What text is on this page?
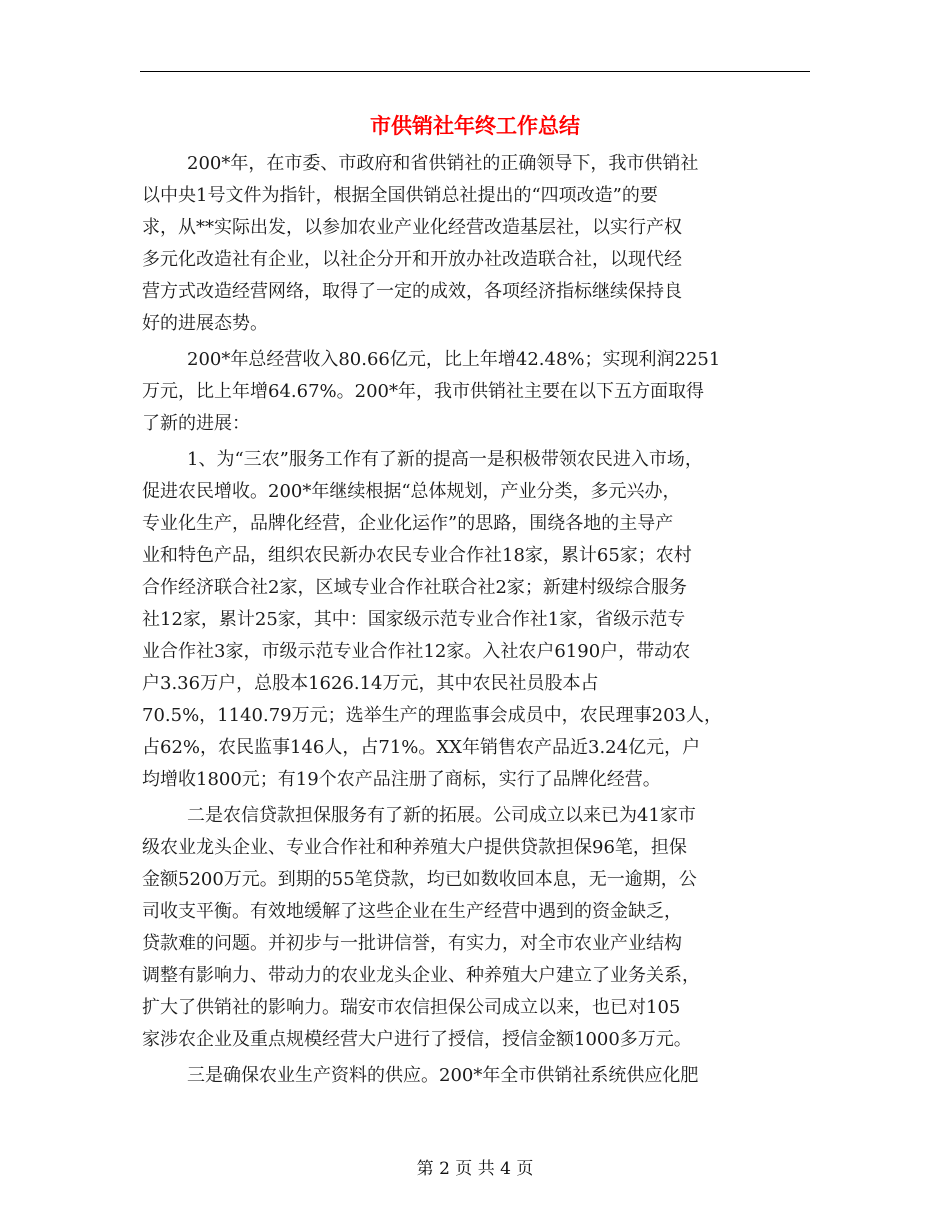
市供销社年终工作总结
200*年，在市委、市政府和省供销社的正确领导下，我市供销社
以中央1号文件为指针，根据全国供销总社提出的“四项改造”的要
求，从**实际出发，以参加农业产业化经营改造基层社，以实行产权
多元化改造社有企业，以社企分开和开放办社改造联合社，以现代经
营方式改造经营网络，取得了一定的成效，各项经济指标继续保持良
好的进展态势。
200*年总经营收入80.66亿元，比上年增42.48%；实现利润2251
万元，比上年增64.67%。200*年，我市供销社主要在以下五方面取得
了新的进展：
1、为“三农”服务工作有了新的提高一是积极带领农民进入市场，
促进农民增收。200*年继续根据“总体规划，产业分类，多元兴办，
专业化生产，品牌化经营，企业化运作”的思路，围绕各地的主导产
业和特色产品，组织农民新办农民专业合作社18家，累计65家；农村
合作经济联合社2家，区域专业合作社联合社2家；新建村级综合服务
社12家，累计25家，其中：国家级示范专业合作社1家，省级示范专
业合作社3家，市级示范专业合作社12家。入社农户6190户，带动农
户3.36万户，总股本1626.14万元，其中农民社员股本占
70.5%，1140.79万元；选举生产的理监事会成员中，农民理事203人，
占62%，农民监事146人，占71%。XX年销售农产品近3.24亿元，户
均增收1800元；有19个农产品注册了商标，实行了品牌化经营。
二是农信贷款担保服务有了新的拓展。公司成立以来已为41家市
级农业龙头企业、专业合作社和种养殖大户提供贷款担保96笔，担保
金额5200万元。到期的55笔贷款，均已如数收回本息，无一逾期，公
司收支平衡。有效地缓解了这些企业在生产经营中遇到的资金缺乏，
贷款难的问题。并初步与一批讲信誉，有实力，对全市农业产业结构
调整有影响力、带动力的农业龙头企业、种养殖大户建立了业务关系，
扩大了供销社的影响力。瑞安市农信担保公司成立以来，也已对105
家涉农企业及重点规模经营大户进行了授信，授信金额1000多万元。
三是确保农业生产资料的供应。200*年全市供销社系统供应化肥
第 2 页 共 4 页
